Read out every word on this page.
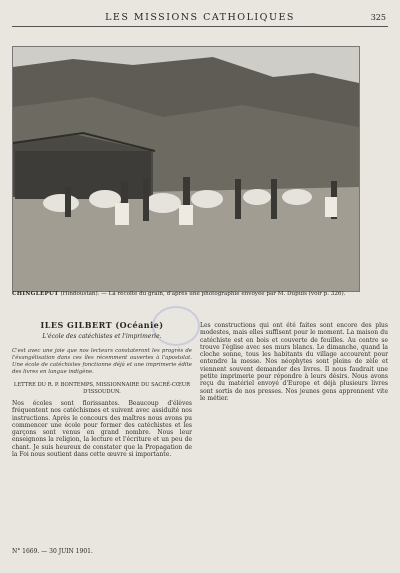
LES MISSIONS CATHOLIQUES	325
CHINGLEPUT (Hindoustan). — La récolte du grain, d'après une photographie envoyée par M. Dupuis (voir p. 326).
ILES GILBERT (Océanie)
L'école des catéchistes et l'imprimerie.
C'est avec une joie que nos lecteurs constateront les progrès de l'évangélisation dans ces îles récemment ouvertes à l'apostolat. Une école de catéchistes fonctionne déjà et une imprimerie édite des livres en langue indigène.
LETTRE DU R. P. BONTEMPS, MISSIONNAIRE DU SACRÉ-CŒUR D'ISSOUDUN.
Nos écoles sont florissantes. Beaucoup d'élèves fréquentent nos catéchismes et suivent avec assiduité nos instructions. Après le concours des maîtres nous avons pu commencer une école pour former des catéchistes et les garçons sont venus en grand nombre. Nous leur enseignons la religion, la lecture et l'écriture et un peu de chant. Je suis heureux de constater que la Propagation de la Foi nous soutient dans cette œuvre si importante.
Les constructions qui ont été faites sont encore des plus modestes, mais elles suffisent pour le moment. La maison du catéchiste est en bois et couverte de feuilles. Au centre se trouve l'église avec ses murs blancs. Le dimanche, quand la cloche sonne, tous les habitants du village accourent pour entendre la messe. Nos néophytes sont pleins de zèle et viennent souvent demander des livres. Il nous faudrait une petite imprimerie pour répondre à leurs désirs. Nous avons reçu du matériel envoyé d'Europe et déjà plusieurs livres sont sortis de nos presses. Nos jeunes gens apprennent vite le métier.
N° 1669. — 30 JUIN 1901.
